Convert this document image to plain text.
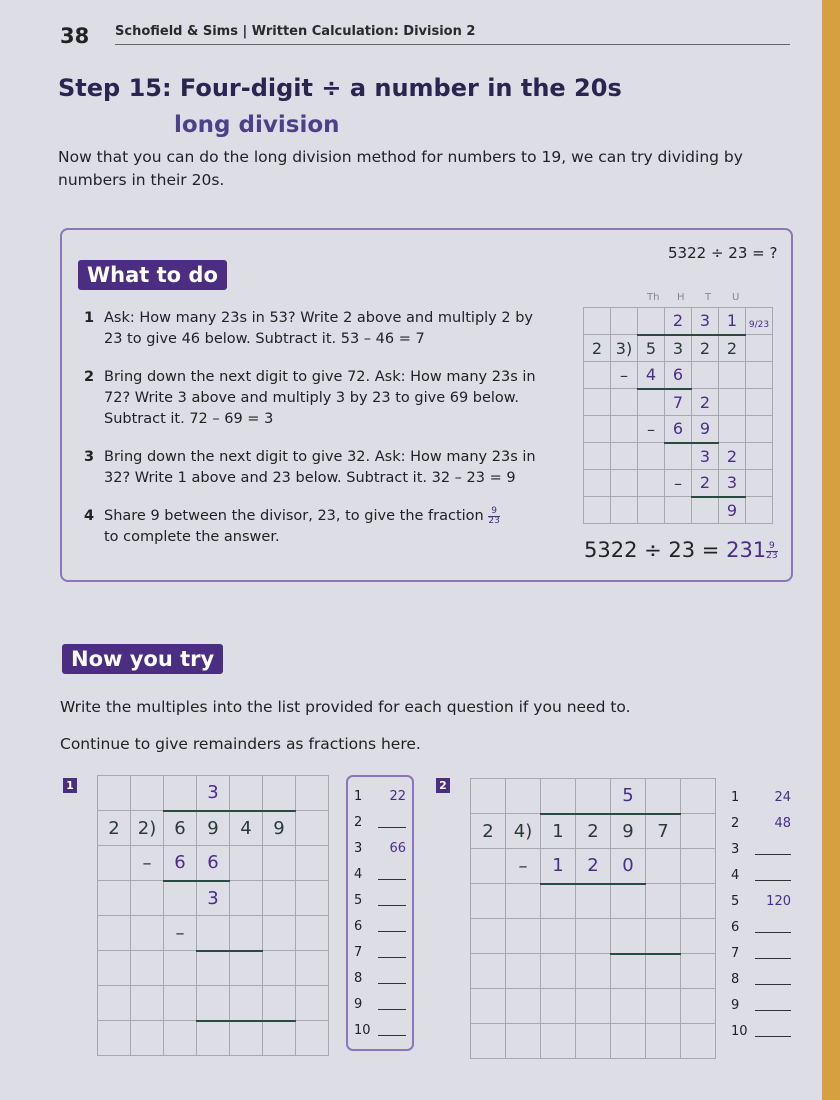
38 Schofield & Sims | Written Calculation: Division 2
Step 15: Four-digit ÷ a number in the 20s
long division
Now that you can do the long division method for numbers to 19, we can try dividing by numbers in their 20s.
What to do
5322 ÷ 23 = ?
1 Ask: How many 23s in 53? Write 2 above and multiply 2 by 23 to give 46 below. Subtract it. 53 – 46 = 7
2 Bring down the next digit to give 72. Ask: How many 23s in 72? Write 3 above and multiply 3 by 23 to give 69 below. Subtract it. 72 – 69 = 3
3 Bring down the next digit to give 32. Ask: How many 23s in 32? Write 1 above and 23 below. Subtract it. 32 – 23 = 9
4 Share 9 between the divisor, 23, to give the fraction $\frac{9}{23}$

to complete the answer.
Th H T U
			2	3	1	9/23
2	3)	5	3	2	2	
	–	4	6			
			7	2		
		–	6	9		
				3	2	
			–	2	3	
					9	
$5322 \div 23 = 231 \frac{9}{23}$
Now you try
Write the multiples into the list provided for each question if you need to.
Continue to give remainders as fractions here.
1
				3			
2	2)	6	9	4	9	
	–	6	6			
			3			
		–				

1	22
2
3	66
4
5
6
7
8
9
10
2
					5		
2	4)	1	2	9	7	
	–	1	2	0		

1	24
2	48
3
4
5	120
6
7
8
9
10
